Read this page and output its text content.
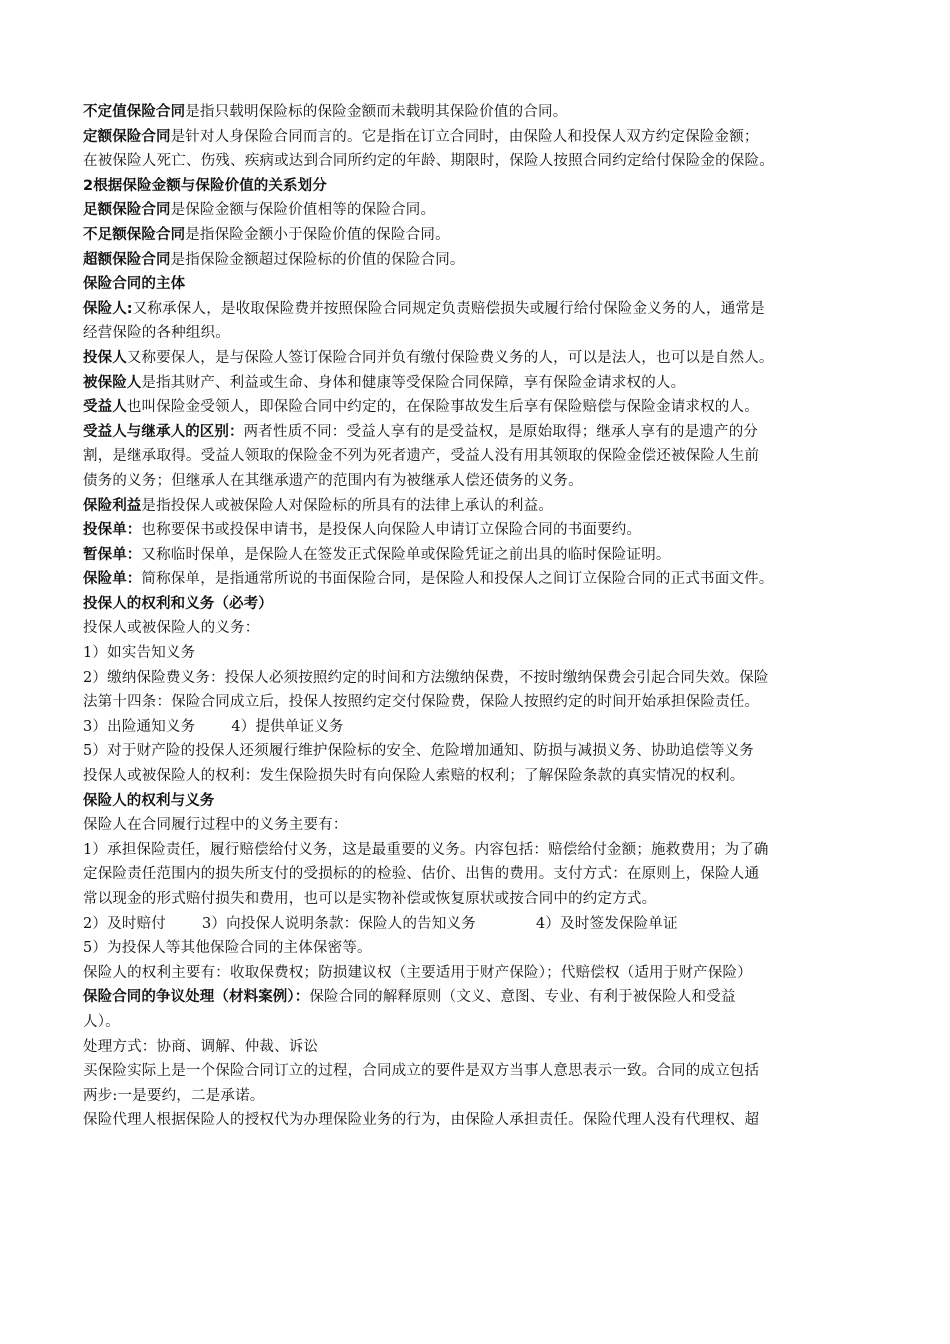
不定值保险合同是指只载明保险标的保险金额而未载明其保险价值的合同。
定额保险合同是针对人身保险合同而言的。它是指在订立合同时，由保险人和投保人双方约定保险金额；
在被保险人死亡、伤残、疾病或达到合同所约定的年龄、期限时，保险人按照合同约定给付保险金的保险。
2根据保险金额与保险价值的关系划分
足额保险合同是保险金额与保险价值相等的保险合同。
不足额保险合同是指保险金额小于保险价值的保险合同。
超额保险合同是指保险金额超过保险标的价值的保险合同。
保险合同的主体
保险人:又称承保人，是收取保险费并按照保险合同规定负责赔偿损失或履行给付保险金义务的人，通常是
经营保险的各种组织。
投保人又称要保人，是与保险人签订保险合同并负有缴付保险费义务的人，可以是法人，也可以是自然人。
被保险人是指其财产、利益或生命、身体和健康等受保险合同保障，享有保险金请求权的人。
受益人也叫保险金受领人，即保险合同中约定的，在保险事故发生后享有保险赔偿与保险金请求权的人。
受益人与继承人的区别：两者性质不同：受益人享有的是受益权，是原始取得；继承人享有的是遗产的分
割，是继承取得。受益人领取的保险金不列为死者遗产，受益人没有用其领取的保险金偿还被保险人生前
债务的义务；但继承人在其继承遗产的范围内有为被继承人偿还债务的义务。
保险利益是指投保人或被保险人对保险标的所具有的法律上承认的利益。
投保单：也称要保书或投保申请书，是投保人向保险人申请订立保险合同的书面要约。
暂保单：又称临时保单，是保险人在签发正式保险单或保险凭证之前出具的临时保险证明。
保险单：简称保单，是指通常所说的书面保险合同，是保险人和投保人之间订立保险合同的正式书面文件。
投保人的权利和义务（必考）
投保人或被保险人的义务：
1）如实告知义务
2）缴纳保险费义务：投保人必须按照约定的时间和方法缴纳保费，不按时缴纳保费会引起合同失效。保险
法第十四条：保险合同成立后，投保人按照约定交付保险费，保险人按照约定的时间开始承担保险责任。
3）出险通知义务 4）提供单证义务
5）对于财产险的投保人还须履行维护保险标的安全、危险增加通知、防损与减损义务、协助追偿等义务
投保人或被保险人的权利：发生保险损失时有向保险人索赔的权利；了解保险条款的真实情况的权利。
保险人的权利与义务
保险人在合同履行过程中的义务主要有：
1）承担保险责任，履行赔偿给付义务，这是最重要的义务。内容包括：赔偿给付金额；施救费用；为了确
定保险责任范围内的损失所支付的受损标的的检验、估价、出售的费用。支付方式：在原则上，保险人通
常以现金的形式赔付损失和费用，也可以是实物补偿或恢复原状或按合同中的约定方式。
2）及时赔付 3）向投保人说明条款：保险人的告知义务	4）及时签发保险单证
5）为投保人等其他保险合同的主体保密等。
保险人的权利主要有：收取保费权；防损建议权（主要适用于财产保险）；代赔偿权（适用于财产保险）
保险合同的争议处理（材料案例）：保险合同的解释原则（文义、意图、专业、有利于被保险人和受益
人）。
处理方式：协商、调解、仲裁、诉讼
买保险实际上是一个保险合同订立的过程，合同成立的要件是双方当事人意思表示一致。合同的成立包括
两步:一是要约，二是承诺。
保险代理人根据保险人的授权代为办理保险业务的行为，由保险人承担责任。保险代理人没有代理权、超
